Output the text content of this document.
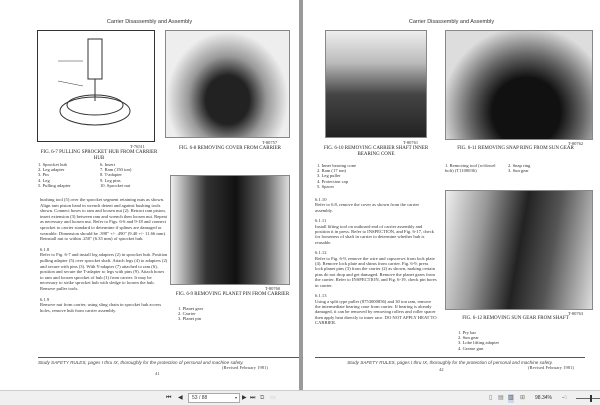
Carrier Disassembly and Assembly
T-76511
FIG. 6-7 PULLING SPROCKET HUB FROM CARRIER HUB
1. Sprocket hub
2. Leg adapter
3. Pin
4. Leg
5. Pulling adapter
6. Insert
7. Ram (150 ton)
8. T-adapter
9. Leg pins
10. Sprocket nut
T-80757
FIG. 6-8 REMOVING COVER FROM CARRIER
T-80760
FIG. 6-9 REMOVING PLANET PIN FROM CARRIER
1. Planet gear
2. Carrier
3. Planet pin

bushing tool (5) over the sprocket segment retaining nuts as shown. Align ram piston head in wrench detent and against bushing tools shown. Connect hoses to ram and loosen nut (2). Retract ram piston, insert extension (3) between ram and wrench then loosen nut. Repeat as necessary and loosen nut. Refer to Figs. 6-6 and 9-18 and connect sprocket to carrier standard to determine if splines are damaged or wearable. Dimension should be .398" +/- .490" (9.40 +/- 11.66 mm). Reinstall nut to within .250" (6.35 mm) of sprocket hub.

6.1.8

Refer to Fig. 6-7 and install leg adapters (2) in sprocket hub. Position pulling adapter (5) over sprocket shaft. Attach legs (4) to adapters (2) and secure with pins (3). With Y-adapter (7) attached to ram (6), position and secure the T-adapter to legs with pins (9). Attach hoses to ram and loosen sprocket of hub (1) from carrier. It may be necessary to strike sprocket hub with sledge to loosen the hub. Remove puller tools.

6.1.9

Remove nut from carrier, using sling chain in sprocket hub access holes, remove hub from carrier assembly.

Study SAFETY RULES, pages I thru IX, thoroughly for the protection of personal and machine safety.
41
(Revised February 1981)
Carrier Disassembly and Assembly
T-80761
FIG. 6-10 REMOVING CARRIER SHAFT INNER BEARING CONE
1. Inner bearing cone
2. Ram (17 ton)
3. Leg puller
4. Protection cap
5. Spacer
T-80762
FIG. 6-11 REMOVING SNAP RING FROM SUN GEAR
1. Removing tool (w/dowel bolt) (T1100036)
2. Snap ring
3. Sun gear
T-80763
FIG. 6-12 REMOVING SUN GEAR FROM SHAFT
1. Pry bar
2. Sun gear
3. Lobe lifting adapter
4. Grease gun
6.1.10

Refer to 6.8, remove the cover as shown from the carrier assembly.

6.1.11

Install lifting tool on outboard end of carrier assembly and position it in press. Refer to INSPECTION, and Fig. 6-17, check for looseness of shaft in carrier to determine whether hub is reusable.

6.1.12

Refer to Fig. 6-9, remove the wire and capscrews from lock plate (4). Remove lock plate and shims from carrier. Fig. 6-9, press lock planet pins (3) from the carrier (2) as shown, making certain pins do not drop and get damaged. Remove the planet gears from the carrier. Refer to INSPECTION, and Fig. 6-19, check pin bores in carrier.

6.1.13

Using a split type puller (8753000856) and 30 ton ram, remove the intermediate bearing cone from carrier. If bearing is already damaged, it can be removed by removing rollers and roller spacer then apply heat directly to inner race. DO NOT APPLY HEAT TO CARRIER.

Study SAFETY RULES, pages I thru IX, thoroughly for the protection of personal and machine safety.
42	(Revised February 1981)
⏮ ◀	53 / 88	▾ ▶ ⏭ ⧉ ▭	▯ ▤ ▥ ⊞ 98.34% -◌
